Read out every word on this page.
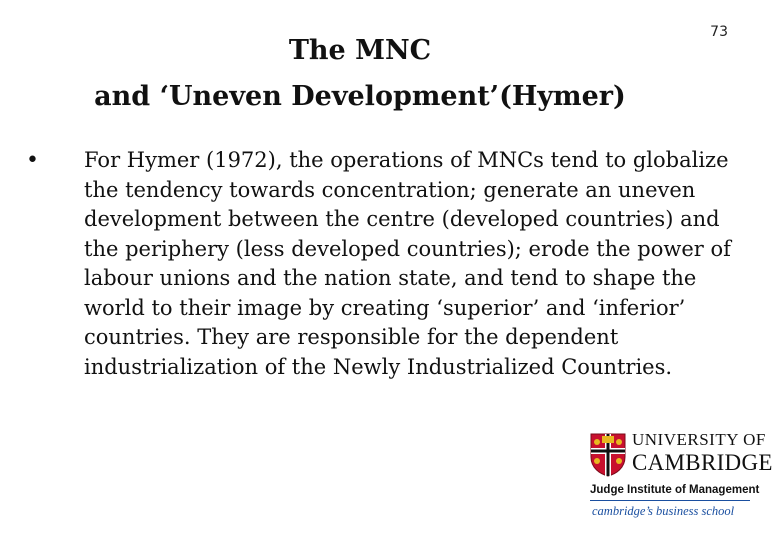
73
The MNC
and ‘Uneven Development’(Hymer)
• For Hymer (1972), the operations of MNCs tend to globalize the tendency towards concentration; generate an uneven development between the centre (developed countries) and the periphery (less developed countries); erode the power of labour unions and the nation state, and tend to shape the world to their image by creating ‘superior’ and ‘inferior’ countries. They are responsible for the dependent industrialization of the Newly Industrialized Countries.
UNIVERSITY OF
CAMBRIDGE
Judge Institute of Management
cambridge’s business school
